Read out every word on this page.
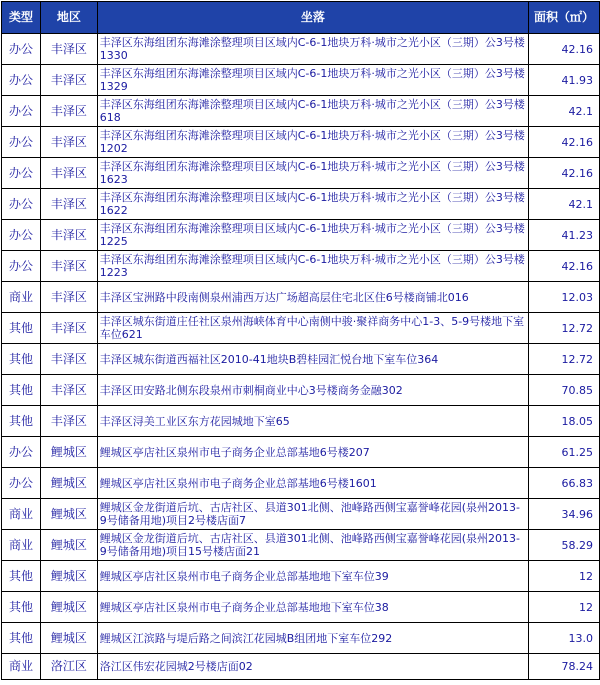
类型	地区	坐落	面积（㎡）
办公	丰泽区	丰泽区东海组团东海滩涂整理项目区域内C-6-1地块万科·城市之光小区（三期）公3号楼1330	42.16
办公	丰泽区	丰泽区东海组团东海滩涂整理项目区域内C-6-1地块万科·城市之光小区（三期）公3号楼1329	41.93
办公	丰泽区	丰泽区东海组团东海滩涂整理项目区域内C-6-1地块万科·城市之光小区（三期）公3号楼618	42.1
办公	丰泽区	丰泽区东海组团东海滩涂整理项目区域内C-6-1地块万科·城市之光小区（三期）公3号楼1202	42.16
办公	丰泽区	丰泽区东海组团东海滩涂整理项目区域内C-6-1地块万科·城市之光小区（三期）公3号楼1623	42.16
办公	丰泽区	丰泽区东海组团东海滩涂整理项目区域内C-6-1地块万科·城市之光小区（三期）公3号楼1622	42.1
办公	丰泽区	丰泽区东海组团东海滩涂整理项目区域内C-6-1地块万科·城市之光小区（三期）公3号楼1225	41.23
办公	丰泽区	丰泽区东海组团东海滩涂整理项目区域内C-6-1地块万科·城市之光小区（三期）公3号楼1223	42.16
商业	丰泽区	丰泽区宝洲路中段南侧泉州浦西万达广场超高层住宅北区住6号楼商铺北016	12.03
其他	丰泽区	丰泽区城东街道庄任社区泉州海峡体育中心南侧中骏·聚祥商务中心1-3、5-9号楼地下室车位621	12.72
其他	丰泽区	丰泽区城东街道西福社区2010-41地块B碧桂园汇悦台地下室车位364	12.72
其他	丰泽区	丰泽区田安路北侧东段泉州市刺桐商业中心3号楼商务金融302	70.85
其他	丰泽区	丰泽区浔美工业区东方花园城地下室65	18.05
办公	鲤城区	鲤城区亭店社区泉州市电子商务企业总部基地6号楼207	61.25
办公	鲤城区	鲤城区亭店社区泉州市电子商务企业总部基地6号楼1601	66.83
商业	鲤城区	鲤城区金龙街道后坑、古店社区、县道301北侧、池峰路西侧宝嘉誉峰花园(泉州2013-9号储备用地)项目2号楼店面7	34.96
商业	鲤城区	鲤城区金龙街道后坑、古店社区、县道301北侧、池峰路西侧宝嘉誉峰花园(泉州2013-9号储备用地)项目15号楼店面21	58.29
其他	鲤城区	鲤城区亭店社区泉州市电子商务企业总部基地地下室车位39	12
其他	鲤城区	鲤城区亭店社区泉州市电子商务企业总部基地地下室车位38	12
其他	鲤城区	鲤城区江滨路与堤后路之间滨江花园城B组团地下室车位292	13.0
商业	洛江区	洛江区伟宏花园城2号楼店面02	78.24
